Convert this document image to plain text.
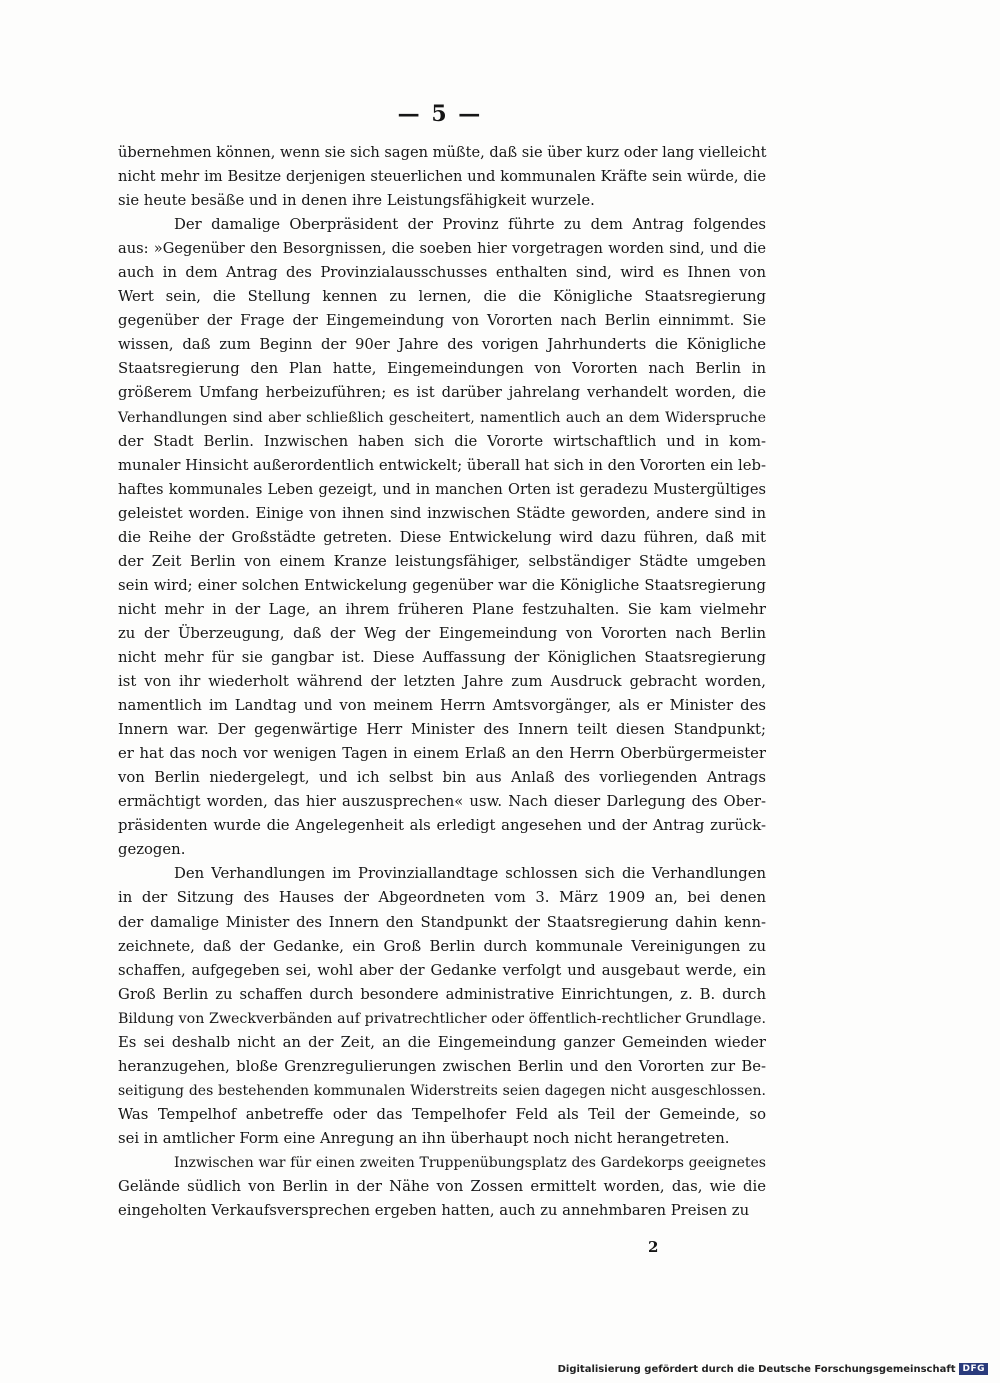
— 5 —

übernehmen können, wenn sie sich sagen müßte, daß sie über kurz oder lang vielleicht
nicht mehr im Besitze derjenigen steuerlichen und kommunalen Kräfte sein würde, die
sie heute besäße und in denen ihre Leistungsfähigkeit wurzele.

Der damalige Oberpräsident der Provinz führte zu dem Antrag folgendes
aus: »Gegenüber den Besorgnissen, die soeben hier vorgetragen worden sind, und die
auch in dem Antrag des Provinzialausschusses enthalten sind, wird es Ihnen von
Wert sein, die Stellung kennen zu lernen, die die Königliche Staatsregierung
gegenüber der Frage der Eingemeindung von Vororten nach Berlin einnimmt. Sie
wissen, daß zum Beginn der 90er Jahre des vorigen Jahrhunderts die Königliche
Staatsregierung den Plan hatte, Eingemeindungen von Vororten nach Berlin in
größerem Umfang herbeizuführen; es ist darüber jahrelang verhandelt worden, die
Verhandlungen sind aber schließlich gescheitert, namentlich auch an dem Widerspruche
der Stadt Berlin. Inzwischen haben sich die Vororte wirtschaftlich und in kom-
munaler Hinsicht außerordentlich entwickelt; überall hat sich in den Vororten ein leb-
haftes kommunales Leben gezeigt, und in manchen Orten ist geradezu Mustergültiges
geleistet worden. Einige von ihnen sind inzwischen Städte geworden, andere sind in
die Reihe der Großstädte getreten. Diese Entwickelung wird dazu führen, daß mit
der Zeit Berlin von einem Kranze leistungsfähiger, selbständiger Städte umgeben
sein wird; einer solchen Entwickelung gegenüber war die Königliche Staatsregierung
nicht mehr in der Lage, an ihrem früheren Plane festzuhalten. Sie kam vielmehr
zu der Überzeugung, daß der Weg der Eingemeindung von Vororten nach Berlin
nicht mehr für sie gangbar ist. Diese Auffassung der Königlichen Staatsregierung
ist von ihr wiederholt während der letzten Jahre zum Ausdruck gebracht worden,
namentlich im Landtag und von meinem Herrn Amtsvorgänger, als er Minister des
Innern war. Der gegenwärtige Herr Minister des Innern teilt diesen Standpunkt;
er hat das noch vor wenigen Tagen in einem Erlaß an den Herrn Oberbürgermeister
von Berlin niedergelegt, und ich selbst bin aus Anlaß des vorliegenden Antrags
ermächtigt worden, das hier auszusprechen« usw. Nach dieser Darlegung des Ober-
präsidenten wurde die Angelegenheit als erledigt angesehen und der Antrag zurück-
gezogen.

Den Verhandlungen im Provinziallandtage schlossen sich die Verhandlungen
in der Sitzung des Hauses der Abgeordneten vom 3. März 1909 an, bei denen
der damalige Minister des Innern den Standpunkt der Staatsregierung dahin kenn-
zeichnete, daß der Gedanke, ein Groß Berlin durch kommunale Vereinigungen zu
schaffen, aufgegeben sei, wohl aber der Gedanke verfolgt und ausgebaut werde, ein
Groß Berlin zu schaffen durch besondere administrative Einrichtungen, z. B. durch
Bildung von Zweckverbänden auf privatrechtlicher oder öffentlich-rechtlicher Grundlage.
Es sei deshalb nicht an der Zeit, an die Eingemeindung ganzer Gemeinden wieder
heranzugehen, bloße Grenzregulierungen zwischen Berlin und den Vororten zur Be-
seitigung des bestehenden kommunalen Widerstreits seien dagegen nicht ausgeschlossen.
Was Tempelhof anbetreffe oder das Tempelhofer Feld als Teil der Gemeinde, so
sei in amtlicher Form eine Anregung an ihn überhaupt noch nicht herangetreten.

Inzwischen war für einen zweiten Truppenübungsplatz des Gardekorps geeignetes
Gelände südlich von Berlin in der Nähe von Zossen ermittelt worden, das, wie die
eingeholten Verkaufsversprechen ergeben hatten, auch zu annehmbaren Preisen zu

2
Digitalisierung gefördert durch die Deutsche Forschungsgemeinschaft DFG
